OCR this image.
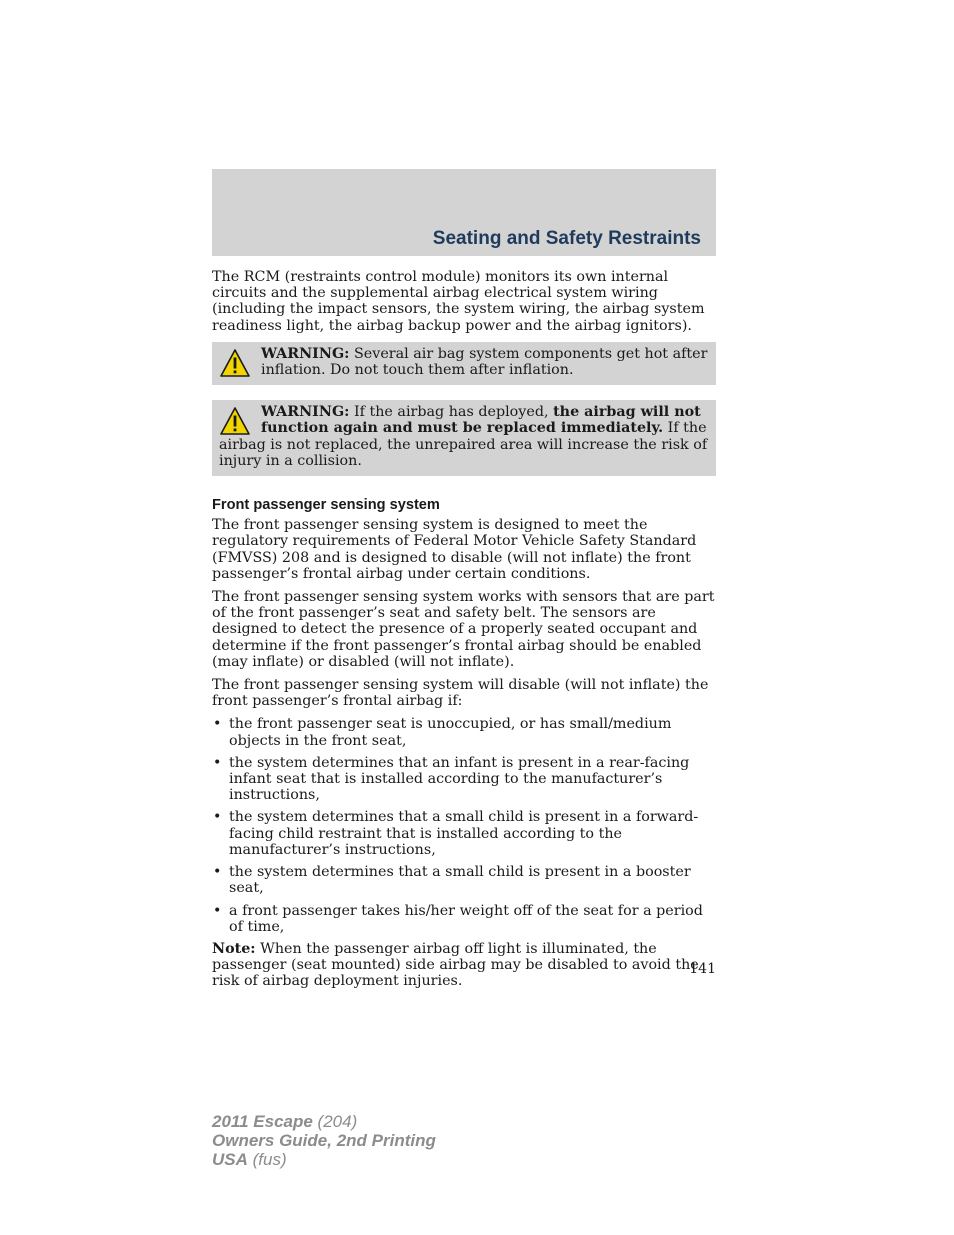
Seating and Safety Restraints

The RCM (restraints control module) monitors its own internal circuits and the supplemental airbag electrical system wiring (including the impact sensors, the system wiring, the airbag system readiness light, the airbag backup power and the airbag ignitors).

WARNING: Several air bag system components get hot after inflation. Do not touch them after inflation.
WARNING: If the airbag has deployed, the airbag will not function again and must be replaced immediately. If the airbag is not replaced, the unrepaired area will increase the risk of injury in a collision.
Front passenger sensing system

The front passenger sensing system is designed to meet the regulatory requirements of Federal Motor Vehicle Safety Standard (FMVSS) 208 and is designed to disable (will not inflate) the front passenger’s frontal airbag under certain conditions.

The front passenger sensing system works with sensors that are part of the front passenger’s seat and safety belt. The sensors are designed to detect the presence of a properly seated occupant and determine if the front passenger’s frontal airbag should be enabled (may inflate) or disabled (will not inflate).

The front passenger sensing system will disable (will not inflate) the front passenger’s frontal airbag if:

• the front passenger seat is unoccupied, or has small/medium objects in the front seat,
• the system determines that an infant is present in a rear-facing infant seat that is installed according to the manufacturer’s instructions,
• the system determines that a small child is present in a forward-facing child restraint that is installed according to the manufacturer’s instructions,
• the system determines that a small child is present in a booster seat,
• a front passenger takes his/her weight off of the seat for a period of time,

Note: When the passenger airbag off light is illuminated, the passenger (seat mounted) side airbag may be disabled to avoid the risk of airbag deployment injuries.

141
2011 Escape (204)
Owners Guide, 2nd Printing
USA (fus)
